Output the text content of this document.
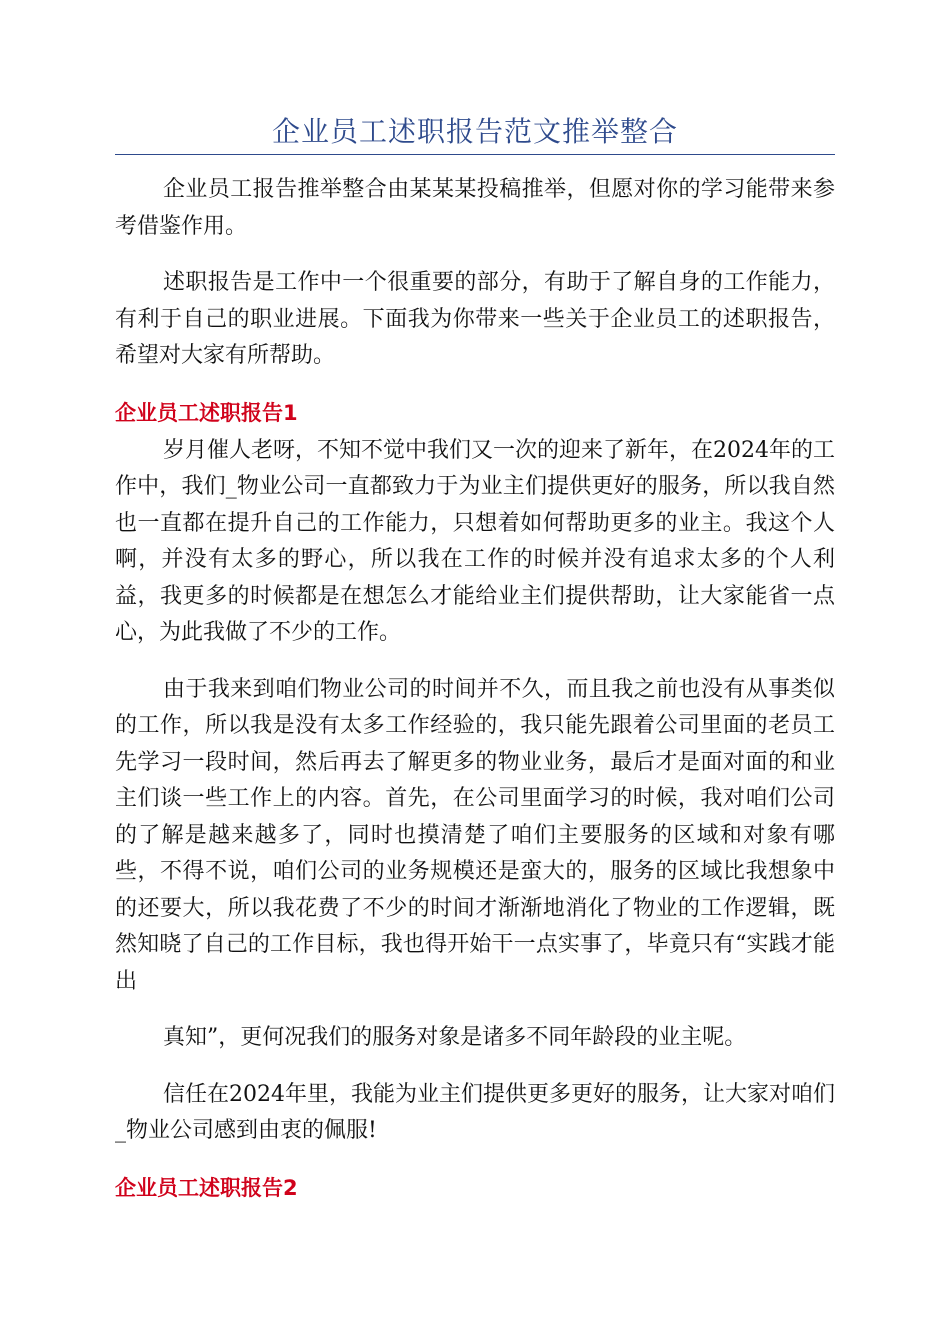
企业员工述职报告范文推举整合

企业员工报告推举整合由某某某投稿推举，但愿对你的学习能带来参考借鉴作用。

述职报告是工作中一个很重要的部分，有助于了解自身的工作能力，有利于自己的职业进展。下面我为你带来一些关于企业员工的述职报告，希望对大家有所帮助。

企业员工述职报告1

岁月催人老呀，不知不觉中我们又一次的迎来了新年，在2024年的工作中，我们_物业公司一直都致力于为业主们提供更好的服务，所以我自然也一直都在提升自己的工作能力，只想着如何帮助更多的业主。我这个人啊，并没有太多的野心，所以我在工作的时候并没有追求太多的个人利益，我更多的时候都是在想怎么才能给业主们提供帮助，让大家能省一点心，为此我做了不少的工作。

由于我来到咱们物业公司的时间并不久，而且我之前也没有从事类似的工作，所以我是没有太多工作经验的，我只能先跟着公司里面的老员工先学习一段时间，然后再去了解更多的物业业务，最后才是面对面的和业主们谈一些工作上的内容。首先，在公司里面学习的时候，我对咱们公司的了解是越来越多了，同时也摸清楚了咱们主要服务的区域和对象有哪些，不得不说，咱们公司的业务规模还是蛮大的，服务的区域比我想象中的还要大，所以我花费了不少的时间才渐渐地消化了物业的工作逻辑，既然知晓了自己的工作目标，我也得开始干一点实事了，毕竟只有“实践才能出

真知”，更何况我们的服务对象是诸多不同年龄段的业主呢。

信任在2024年里，我能为业主们提供更多更好的服务，让大家对咱们_物业公司感到由衷的佩服!

企业员工述职报告2
